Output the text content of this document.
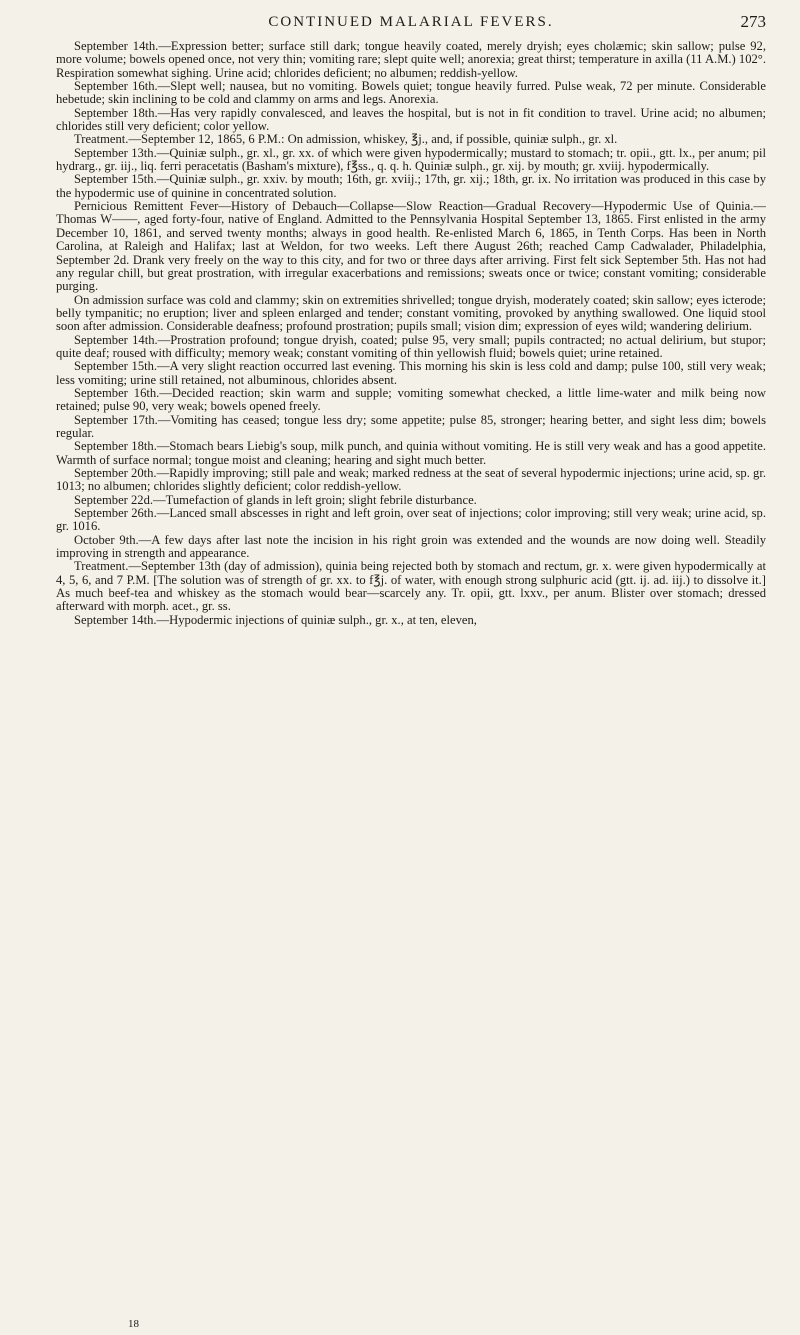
CONTINUED MALARIAL FEVERS.	273

September 14th.—Expression better; surface still dark; tongue heavily coated, merely dryish; eyes cholæmic; skin sallow; pulse 92, more volume; bowels opened once, not very thin; vomiting rare; slept quite well; anorexia; great thirst; temperature in axilla (11 A.M.) 102°. Respiration somewhat sighing. Urine acid; chlorides deficient; no albumen; reddish-yellow.

September 16th.—Slept well; nausea, but no vomiting. Bowels quiet; tongue heavily furred. Pulse weak, 72 per minute. Considerable hebetude; skin inclining to be cold and clammy on arms and legs. Anorexia.

September 18th.—Has very rapidly convalesced, and leaves the hospital, but is not in fit condition to travel. Urine acid; no albumen; chlorides still very deficient; color yellow.

Treatment.—September 12, 1865, 6 P.M.: On admission, whiskey, ℥j., and, if possible, quiniæ sulph., gr. xl.

September 13th.—Quiniæ sulph., gr. xl., gr. xx. of which were given hypodermically; mustard to stomach; tr. opii., gtt. lx., per anum; pil hydrarg., gr. iij., liq. ferri peracetatis (Basham's mixture), f℥ss., q. q. h. Quiniæ sulph., gr. xij. by mouth; gr. xviij. hypodermically.

September 15th.—Quiniæ sulph., gr. xxiv. by mouth; 16th, gr. xviij.; 17th, gr. xij.; 18th, gr. ix. No irritation was produced in this case by the hypodermic use of quinine in concentrated solution.

Pernicious Remittent Fever—History of Debauch—Collapse—Slow Reaction—Gradual Recovery—Hypodermic Use of Quinia.—Thomas W——, aged forty-four, native of England. Admitted to the Pennsylvania Hospital September 13, 1865. First enlisted in the army December 10, 1861, and served twenty months; always in good health. Re-enlisted March 6, 1865, in Tenth Corps. Has been in North Carolina, at Raleigh and Halifax; last at Weldon, for two weeks. Left there August 26th; reached Camp Cadwalader, Philadelphia, September 2d. Drank very freely on the way to this city, and for two or three days after arriving. First felt sick September 5th. Has not had any regular chill, but great prostration, with irregular exacerbations and remissions; sweats once or twice; constant vomiting; considerable purging.

On admission surface was cold and clammy; skin on extremities shrivelled; tongue dryish, moderately coated; skin sallow; eyes icterode; belly tympanitic; no eruption; liver and spleen enlarged and tender; constant vomiting, provoked by anything swallowed. One liquid stool soon after admission. Considerable deafness; profound prostration; pupils small; vision dim; expression of eyes wild; wandering delirium.

September 14th.—Prostration profound; tongue dryish, coated; pulse 95, very small; pupils contracted; no actual delirium, but stupor; quite deaf; roused with difficulty; memory weak; constant vomiting of thin yellowish fluid; bowels quiet; urine retained.

September 15th.—A very slight reaction occurred last evening. This morning his skin is less cold and damp; pulse 100, still very weak; less vomiting; urine still retained, not albuminous, chlorides absent.

September 16th.—Decided reaction; skin warm and supple; vomiting somewhat checked, a little lime-water and milk being now retained; pulse 90, very weak; bowels opened freely.

September 17th.—Vomiting has ceased; tongue less dry; some appetite; pulse 85, stronger; hearing better, and sight less dim; bowels regular.

September 18th.—Stomach bears Liebig's soup, milk punch, and quinia without vomiting. He is still very weak and has a good appetite. Warmth of surface normal; tongue moist and cleaning; hearing and sight much better.

September 20th.—Rapidly improving; still pale and weak; marked redness at the seat of several hypodermic injections; urine acid, sp. gr. 1013; no albumen; chlorides slightly deficient; color reddish-yellow.

September 22d.—Tumefaction of glands in left groin; slight febrile disturbance.

September 26th.—Lanced small abscesses in right and left groin, over seat of injections; color improving; still very weak; urine acid, sp. gr. 1016.

October 9th.—A few days after last note the incision in his right groin was extended and the wounds are now doing well. Steadily improving in strength and appearance.

Treatment.—September 13th (day of admission), quinia being rejected both by stomach and rectum, gr. x. were given hypodermically at 4, 5, 6, and 7 P.M. [The solution was of strength of gr. xx. to f℥j. of water, with enough strong sulphuric acid (gtt. ij. ad. iij.) to dissolve it.] As much beef-tea and whiskey as the stomach would bear—scarcely any. Tr. opii, gtt. lxxv., per anum. Blister over stomach; dressed afterward with morph. acet., gr. ss.

September 14th.—Hypodermic injections of quiniæ sulph., gr. x., at ten, eleven,

18
